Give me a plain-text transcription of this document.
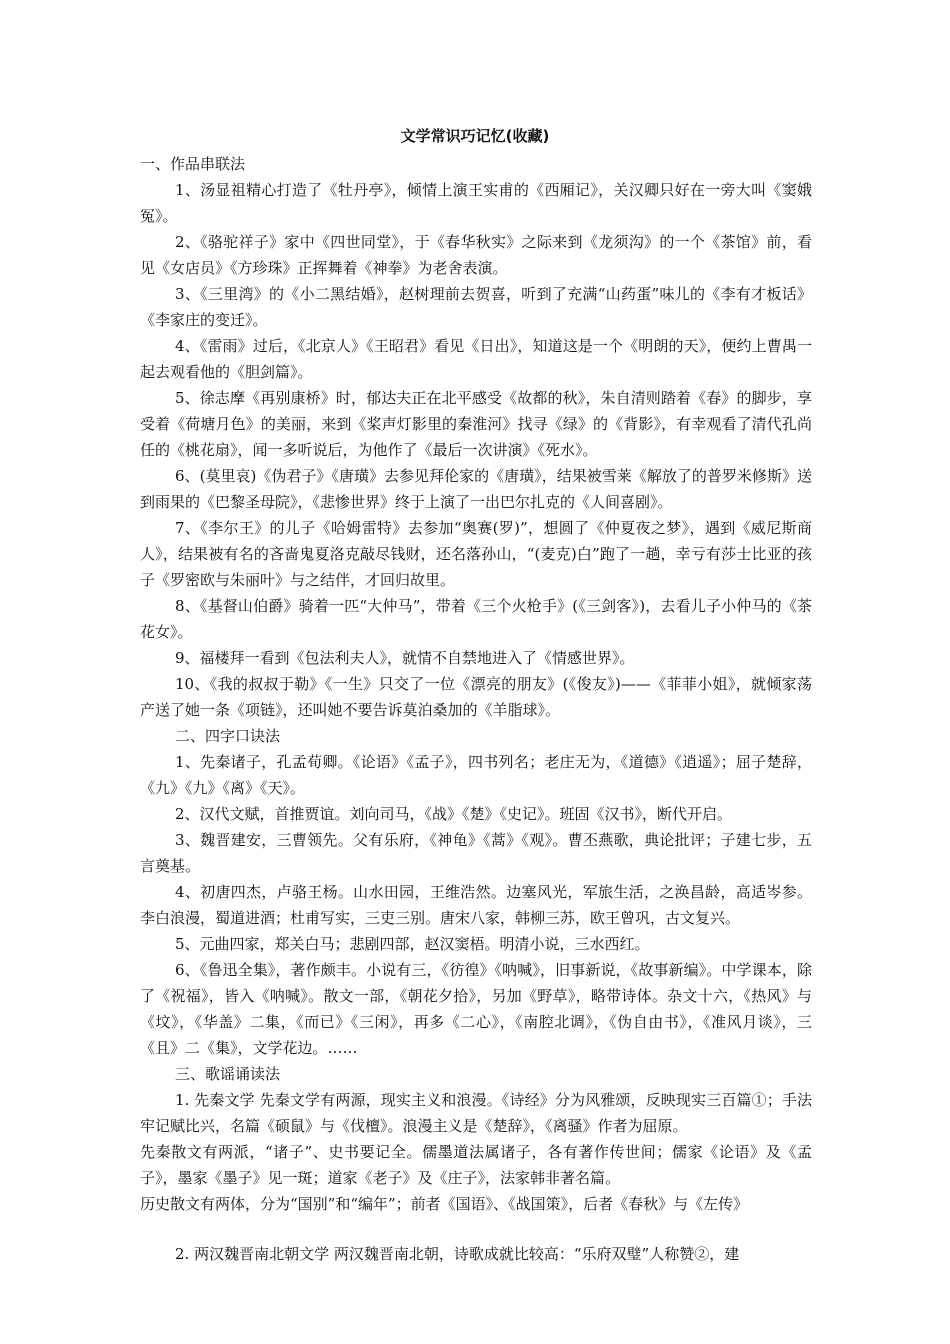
文学常识巧记忆(收藏)

一、作品串联法

1、汤显祖精心打造了《牡丹亭》，倾情上演王实甫的《西厢记》，关汉卿只好在一旁大叫《窦娥冤》。

2、《骆驼祥子》家中《四世同堂》，于《春华秋实》之际来到《龙须沟》的一个《茶馆》前，看见《女店员》《方珍珠》正挥舞着《神拳》为老舍表演。

3、《三里湾》的《小二黑结婚》，赵树理前去贺喜，听到了充满“山药蛋”味儿的《李有才板话》《李家庄的变迁》。

4、《雷雨》过后，《北京人》《王昭君》看见《日出》，知道这是一个《明朗的天》，便约上曹禺一起去观看他的《胆剑篇》。

5、徐志摩《再别康桥》时，郁达夫正在北平感受《故都的秋》，朱自清则踏着《春》的脚步，享受着《荷塘月色》的美丽，来到《桨声灯影里的秦淮河》找寻《绿》的《背影》，有幸观看了清代孔尚任的《桃花扇》，闻一多听说后，为他作了《最后一次讲演》《死水》。

6、(莫里哀)《伪君子》《唐璜》去参见拜伦家的《唐璜》，结果被雪莱《解放了的普罗米修斯》送到雨果的《巴黎圣母院》，《悲惨世界》终于上演了一出巴尔扎克的《人间喜剧》。

7、《李尔王》的儿子《哈姆雷特》去参加“奥赛(罗)”，想圆了《仲夏夜之梦》，遇到《威尼斯商人》，结果被有名的吝啬鬼夏洛克敲尽钱财，还名落孙山，“(麦克)白”跑了一趟，幸亏有莎士比亚的孩子《罗密欧与朱丽叶》与之结伴，才回归故里。

8、《基督山伯爵》骑着一匹“大仲马”，带着《三个火枪手》(《三剑客》)，去看儿子小仲马的《茶花女》。

9、福楼拜一看到《包法利夫人》，就情不自禁地进入了《情感世界》。

10、《我的叔叔于勒》《一生》只交了一位《漂亮的朋友》(《俊友》)——《菲菲小姐》，就倾家荡产送了她一条《项链》，还叫她不要告诉莫泊桑加的《羊脂球》。

二、四字口诀法

1、先秦诸子，孔孟荀卿。《论语》《孟子》，四书列名；老庄无为，《道德》《逍遥》；屈子楚辞，《九》《九》《离》《天》。

2、汉代文赋，首推贾谊。刘向司马，《战》《楚》《史记》。班固《汉书》，断代开启。

3、魏晋建安，三曹领先。父有乐府，《神龟》《蒿》《观》。曹丕燕歌，典论批评；子建七步，五言奠基。

4、初唐四杰，卢骆王杨。山水田园，王维浩然。边塞风光，军旅生活，之涣昌龄，高适岑参。李白浪漫，蜀道进酒；杜甫写实，三吏三别。唐宋八家，韩柳三苏，欧王曾巩，古文复兴。

5、元曲四家，郑关白马；悲剧四部，赵汉窦梧。明清小说，三水西红。

6、《鲁迅全集》，著作颇丰。小说有三，《彷徨》《呐喊》，旧事新说，《故事新编》。中学课本，除了《祝福》，皆入《呐喊》。散文一部，《朝花夕拾》，另加《野草》，略带诗体。杂文十六，《热风》与《坟》，《华盖》二集，《而已》《三闲》，再多《二心》，《南腔北调》，《伪自由书》，《准风月谈》，三《且》二《集》，文学花边。……

三、歌谣诵读法

1. 先秦文学 先秦文学有两源，现实主义和浪漫。《诗经》分为风雅颂，反映现实三百篇①；手法牢记赋比兴，名篇《硕鼠》与《伐檀》。浪漫主义是《楚辞》，《离骚》作者为屈原。

先秦散文有两派，“诸子”、史书要记全。儒墨道法属诸子，各有著作传世间；儒家《论语》及《孟子》，墨家《墨子》见一斑；道家《老子》及《庄子》，法家韩非著名篇。

历史散文有两体，分为“国别”和“编年”；前者《国语》、《战国策》，后者《春秋》与《左传》

2. 两汉魏晋南北朝文学 两汉魏晋南北朝，诗歌成就比较高：“乐府双璧”人称赞②，建
